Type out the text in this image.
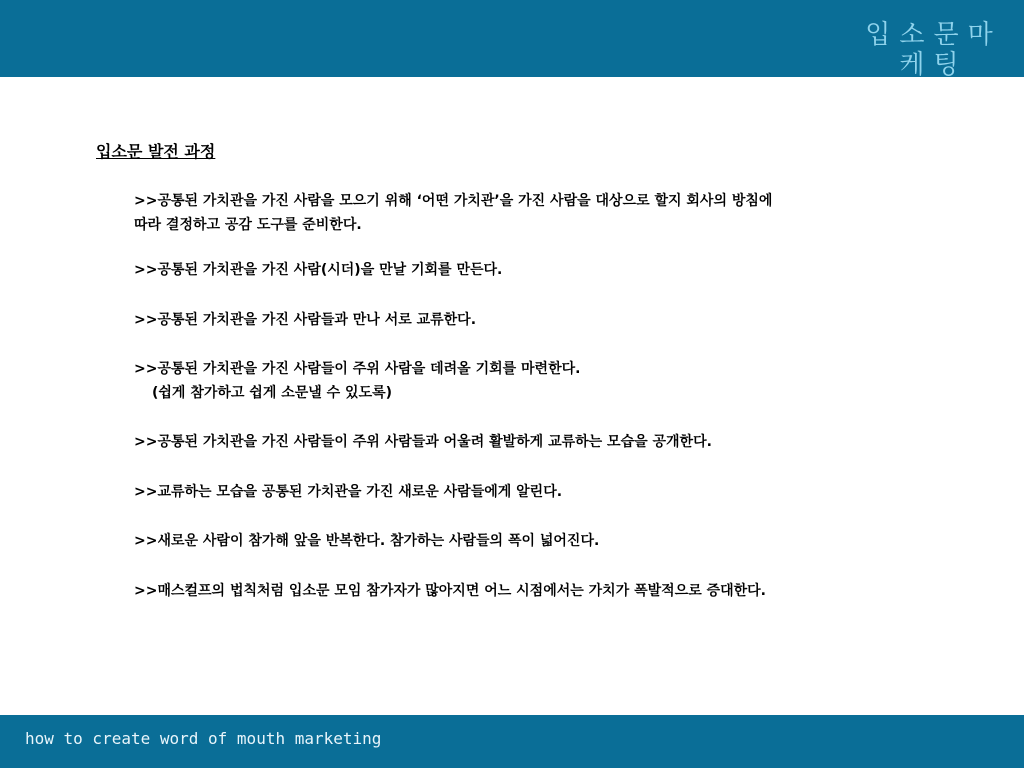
입소문마케팅
입소문 발전 과정
>>공통된 가치관을 가진 사람을 모으기 위해 ‘어떤 가치관’을 가진 사람을 대상으로 할지 회사의 방침에
따라 결정하고 공감 도구를 준비한다.
>>공통된 가치관을 가진 사람(시더)을 만날 기회를 만든다.
>>공통된 가치관을 가진 사람들과 만나 서로 교류한다.
>>공통된 가치관을 가진 사람들이 주위 사람을 데려올 기회를 마련한다.
(쉽게 참가하고 쉽게 소문낼 수 있도록)
>>공통된 가치관을 가진 사람들이 주위 사람들과 어울려 활발하게 교류하는 모습을 공개한다.
>>교류하는 모습을 공통된 가치관을 가진 새로운 사람들에게 알린다.
>>새로운 사람이 참가해 앞을 반복한다. 참가하는 사람들의 폭이 넓어진다.
>>매스컬프의 법칙처럼 입소문 모임 참가자가 많아지면 어느 시점에서는 가치가 폭발적으로 증대한다.
how to create word of mouth marketing
